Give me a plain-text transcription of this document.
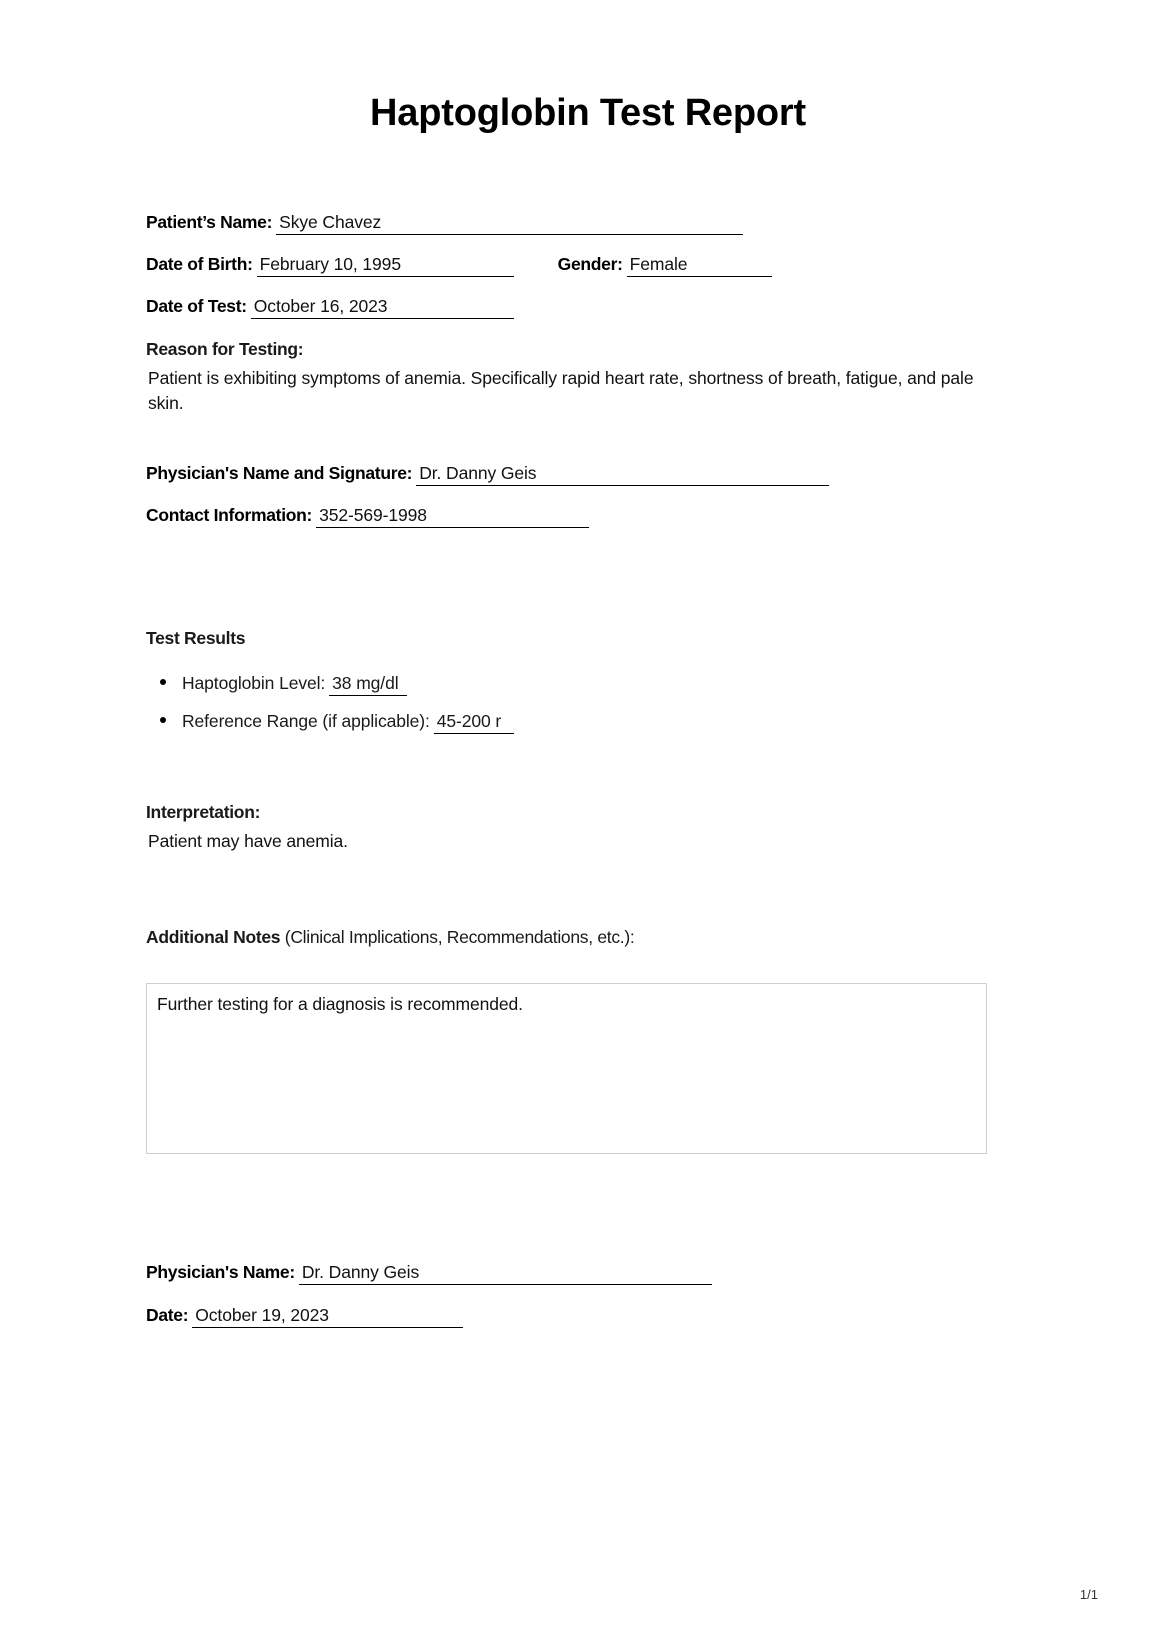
Haptoglobin Test Report
Patient’s Name: Skye Chavez
Date of Birth: February 10, 1995	Gender: Female
Date of Test: October 16, 2023
Reason for Testing:
Patient is exhibiting symptoms of anemia. Specifically rapid heart rate, shortness of breath, fatigue, and pale skin.
Physician's Name and Signature: Dr. Danny Geis
Contact Information: 352-569-1998
Test Results
Haptoglobin Level: 38 mg/dl
Reference Range (if applicable): 45-200 r
Interpretation:
Patient may have anemia.
Additional Notes (Clinical Implications, Recommendations, etc.):
Further testing for a diagnosis is recommended.
Physician's Name: Dr. Danny Geis
Date: October 19, 2023
1/1
